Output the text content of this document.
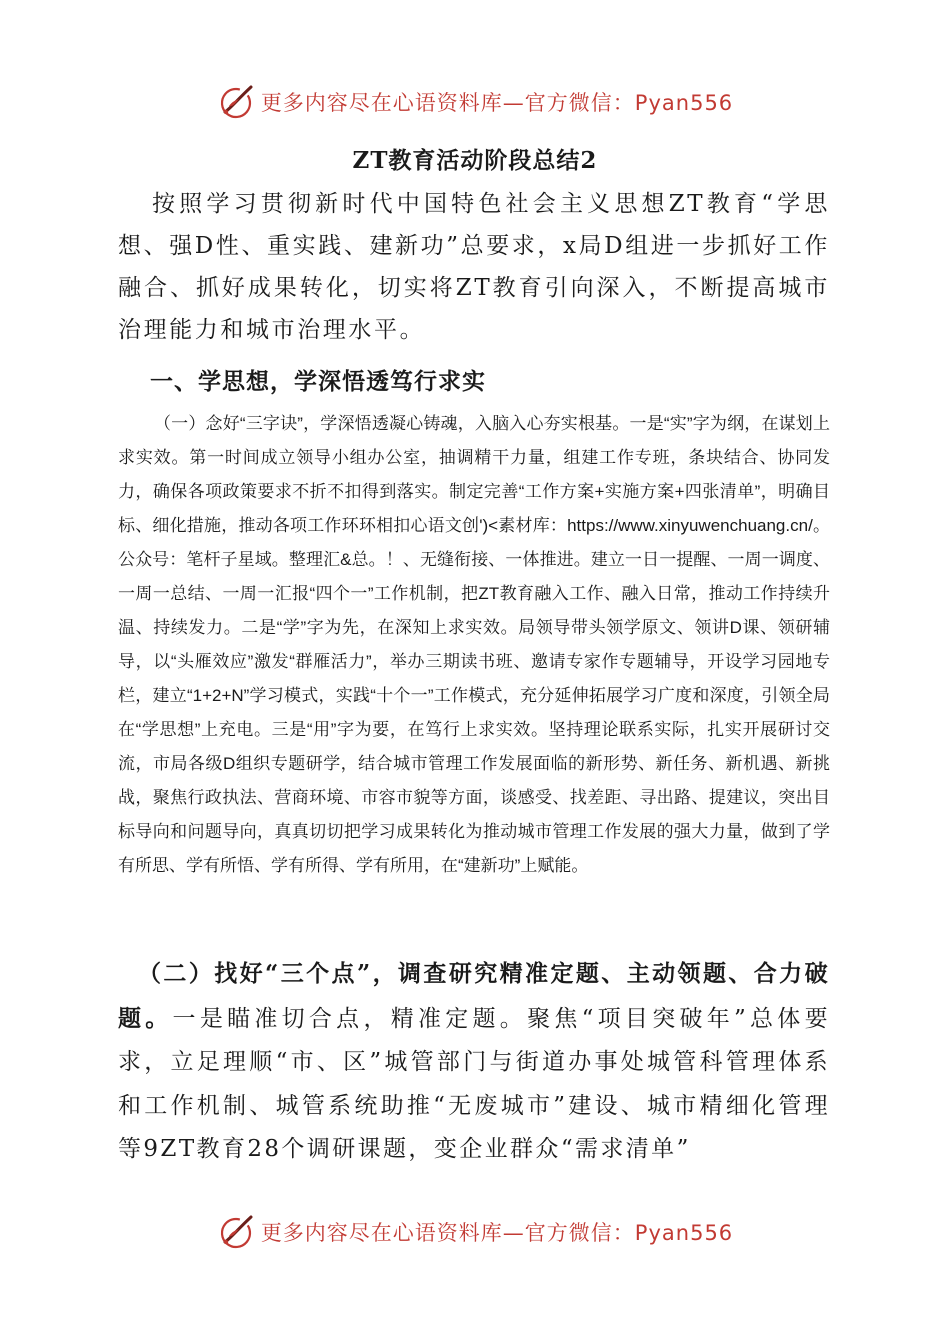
更多内容尽在心语资料库—官方微信：Pyan556
ZT教育活动阶段总结2

按照学习贯彻新时代中国特色社会主义思想ZT教育“学思想、强D性、重实践、建新功”总要求，x局D组进一步抓好工作融合、抓好成果转化，切实将ZT教育引向深入，不断提高城市治理能力和城市治理水平。

一、学思想，学深悟透笃行求实

（一）念好“三字诀”，学深悟透凝心铸魂，入脑入心夯实根基。一是“实”字为纲，在谋划上求实效。第一时间成立领导小组办公室，抽调精干力量，组建工作专班，条块结合、协同发力，确保各项政策要求不折不扣得到落实。制定完善“工作方案+实施方案+四张清单”，明确目标、细化措施，推动各项工作环环相扣心语文创')<素材库：https://www.xinyuwenchuang.cn/。公众号：笔杆子星域。整理汇&总。！、无缝衔接、一体推进。建立一日一提醒、一周一调度、一周一总结、一周一汇报“四个一”工作机制，把ZT教育融入工作、融入日常，推动工作持续升温、持续发力。二是“学”字为先，在深知上求实效。局领导带头领学原文、领讲D课、领研辅导，以“头雁效应”激发“群雁活力”，举办三期读书班、邀请专家作专题辅导，开设学习园地专栏，建立“1+2+N”学习模式，实践“十个一”工作模式，充分延伸拓展学习广度和深度，引领全局在“学思想”上充电。三是“用”字为要，在笃行上求实效。坚持理论联系实际，扎实开展研讨交流，市局各级D组织专题研学，结合城市管理工作发展面临的新形势、新任务、新机遇、新挑战，聚焦行政执法、营商环境、市容市貌等方面，谈感受、找差距、寻出路、提建议，突出目标导向和问题导向，真真切切把学习成果转化为推动城市管理工作发展的强大力量，做到了学有所思、学有所悟、学有所得、学有所用，在“建新功”上赋能。

（二）找好“三个点”，调查研究精准定题、主动领题、合力破题。一是瞄准切合点，精准定题。聚焦“项目突破年”总体要求，立足理顺“市、区”城管部门与街道办事处城管科管理体系和工作机制、城管系统助推“无废城市”建设、城市精细化管理等9ZT教育28个调研课题，变企业群众“需求清单”

更多内容尽在心语资料库—官方微信：Pyan556
